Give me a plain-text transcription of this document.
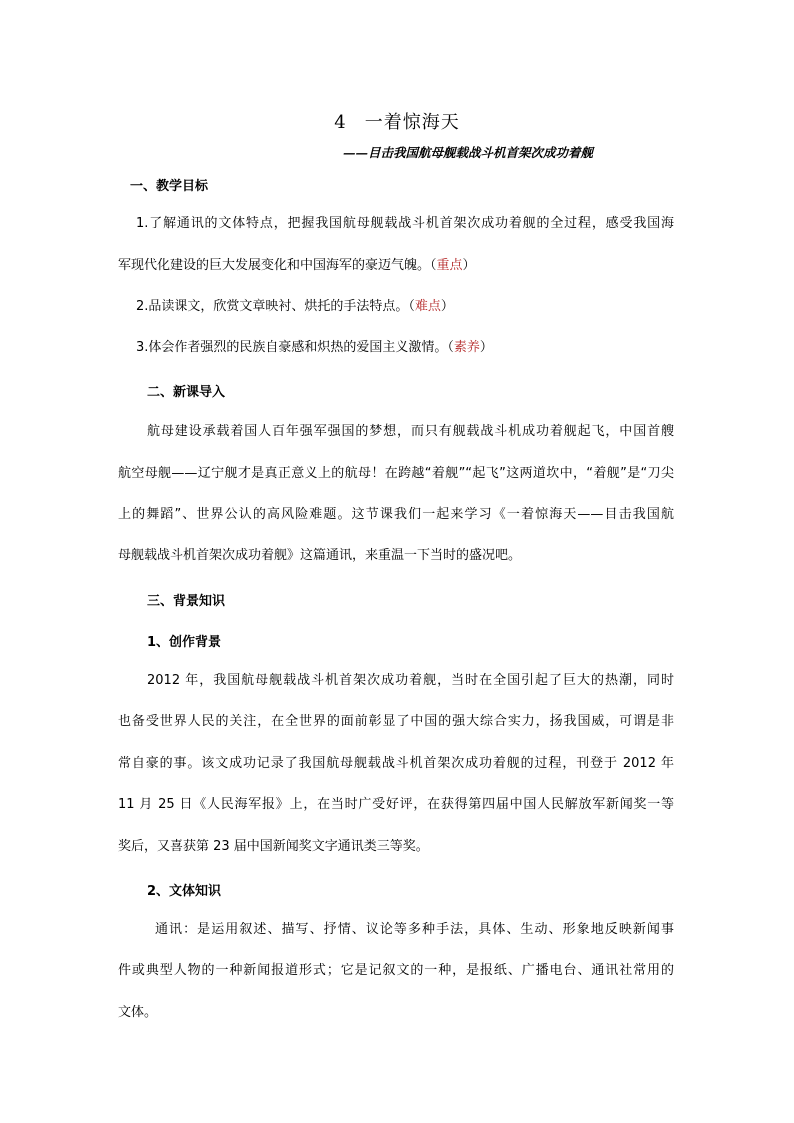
4 一着惊海天
——目击我国航母舰载战斗机首架次成功着舰
一、教学目标
1.了解通讯的文体特点，把握我国航母舰载战斗机首架次成功着舰的全过程，感受我国海
军现代化建设的巨大发展变化和中国海军的豪迈气魄。（重点）
2.品读课文，欣赏文章映衬、烘托的手法特点。（难点）
3.体会作者强烈的民族自豪感和炽热的爱国主义激情。（素养）
二、新课导入
航母建设承载着国人百年强军强国的梦想，而只有舰载战斗机成功着舰起飞，中国首艘
航空母舰——辽宁舰才是真正意义上的航母！在跨越“着舰”“起飞”这两道坎中，“着舰”是“刀尖
上的舞蹈”、世界公认的高风险难题。这节课我们一起来学习《一着惊海天——目击我国航
母舰载战斗机首架次成功着舰》这篇通讯，来重温一下当时的盛况吧。
三、背景知识
1、创作背景
2012 年，我国航母舰载战斗机首架次成功着舰，当时在全国引起了巨大的热潮，同时
也备受世界人民的关注，在全世界的面前彰显了中国的强大综合实力，扬我国威，可谓是非
常自豪的事。该文成功记录了我国航母舰载战斗机首架次成功着舰的过程，刊登于 2012 年
11 月 25 日《人民海军报》上，在当时广受好评，在获得第四届中国人民解放军新闻奖一等
奖后，又喜获第 23 届中国新闻奖文字通讯类三等奖。
2、文体知识
通讯：是运用叙述、描写、抒情、议论等多种手法，具体、生动、形象地反映新闻事
件或典型人物的一种新闻报道形式；它是记叙文的一种，是报纸、广播电台、通讯社常用的
文体。
